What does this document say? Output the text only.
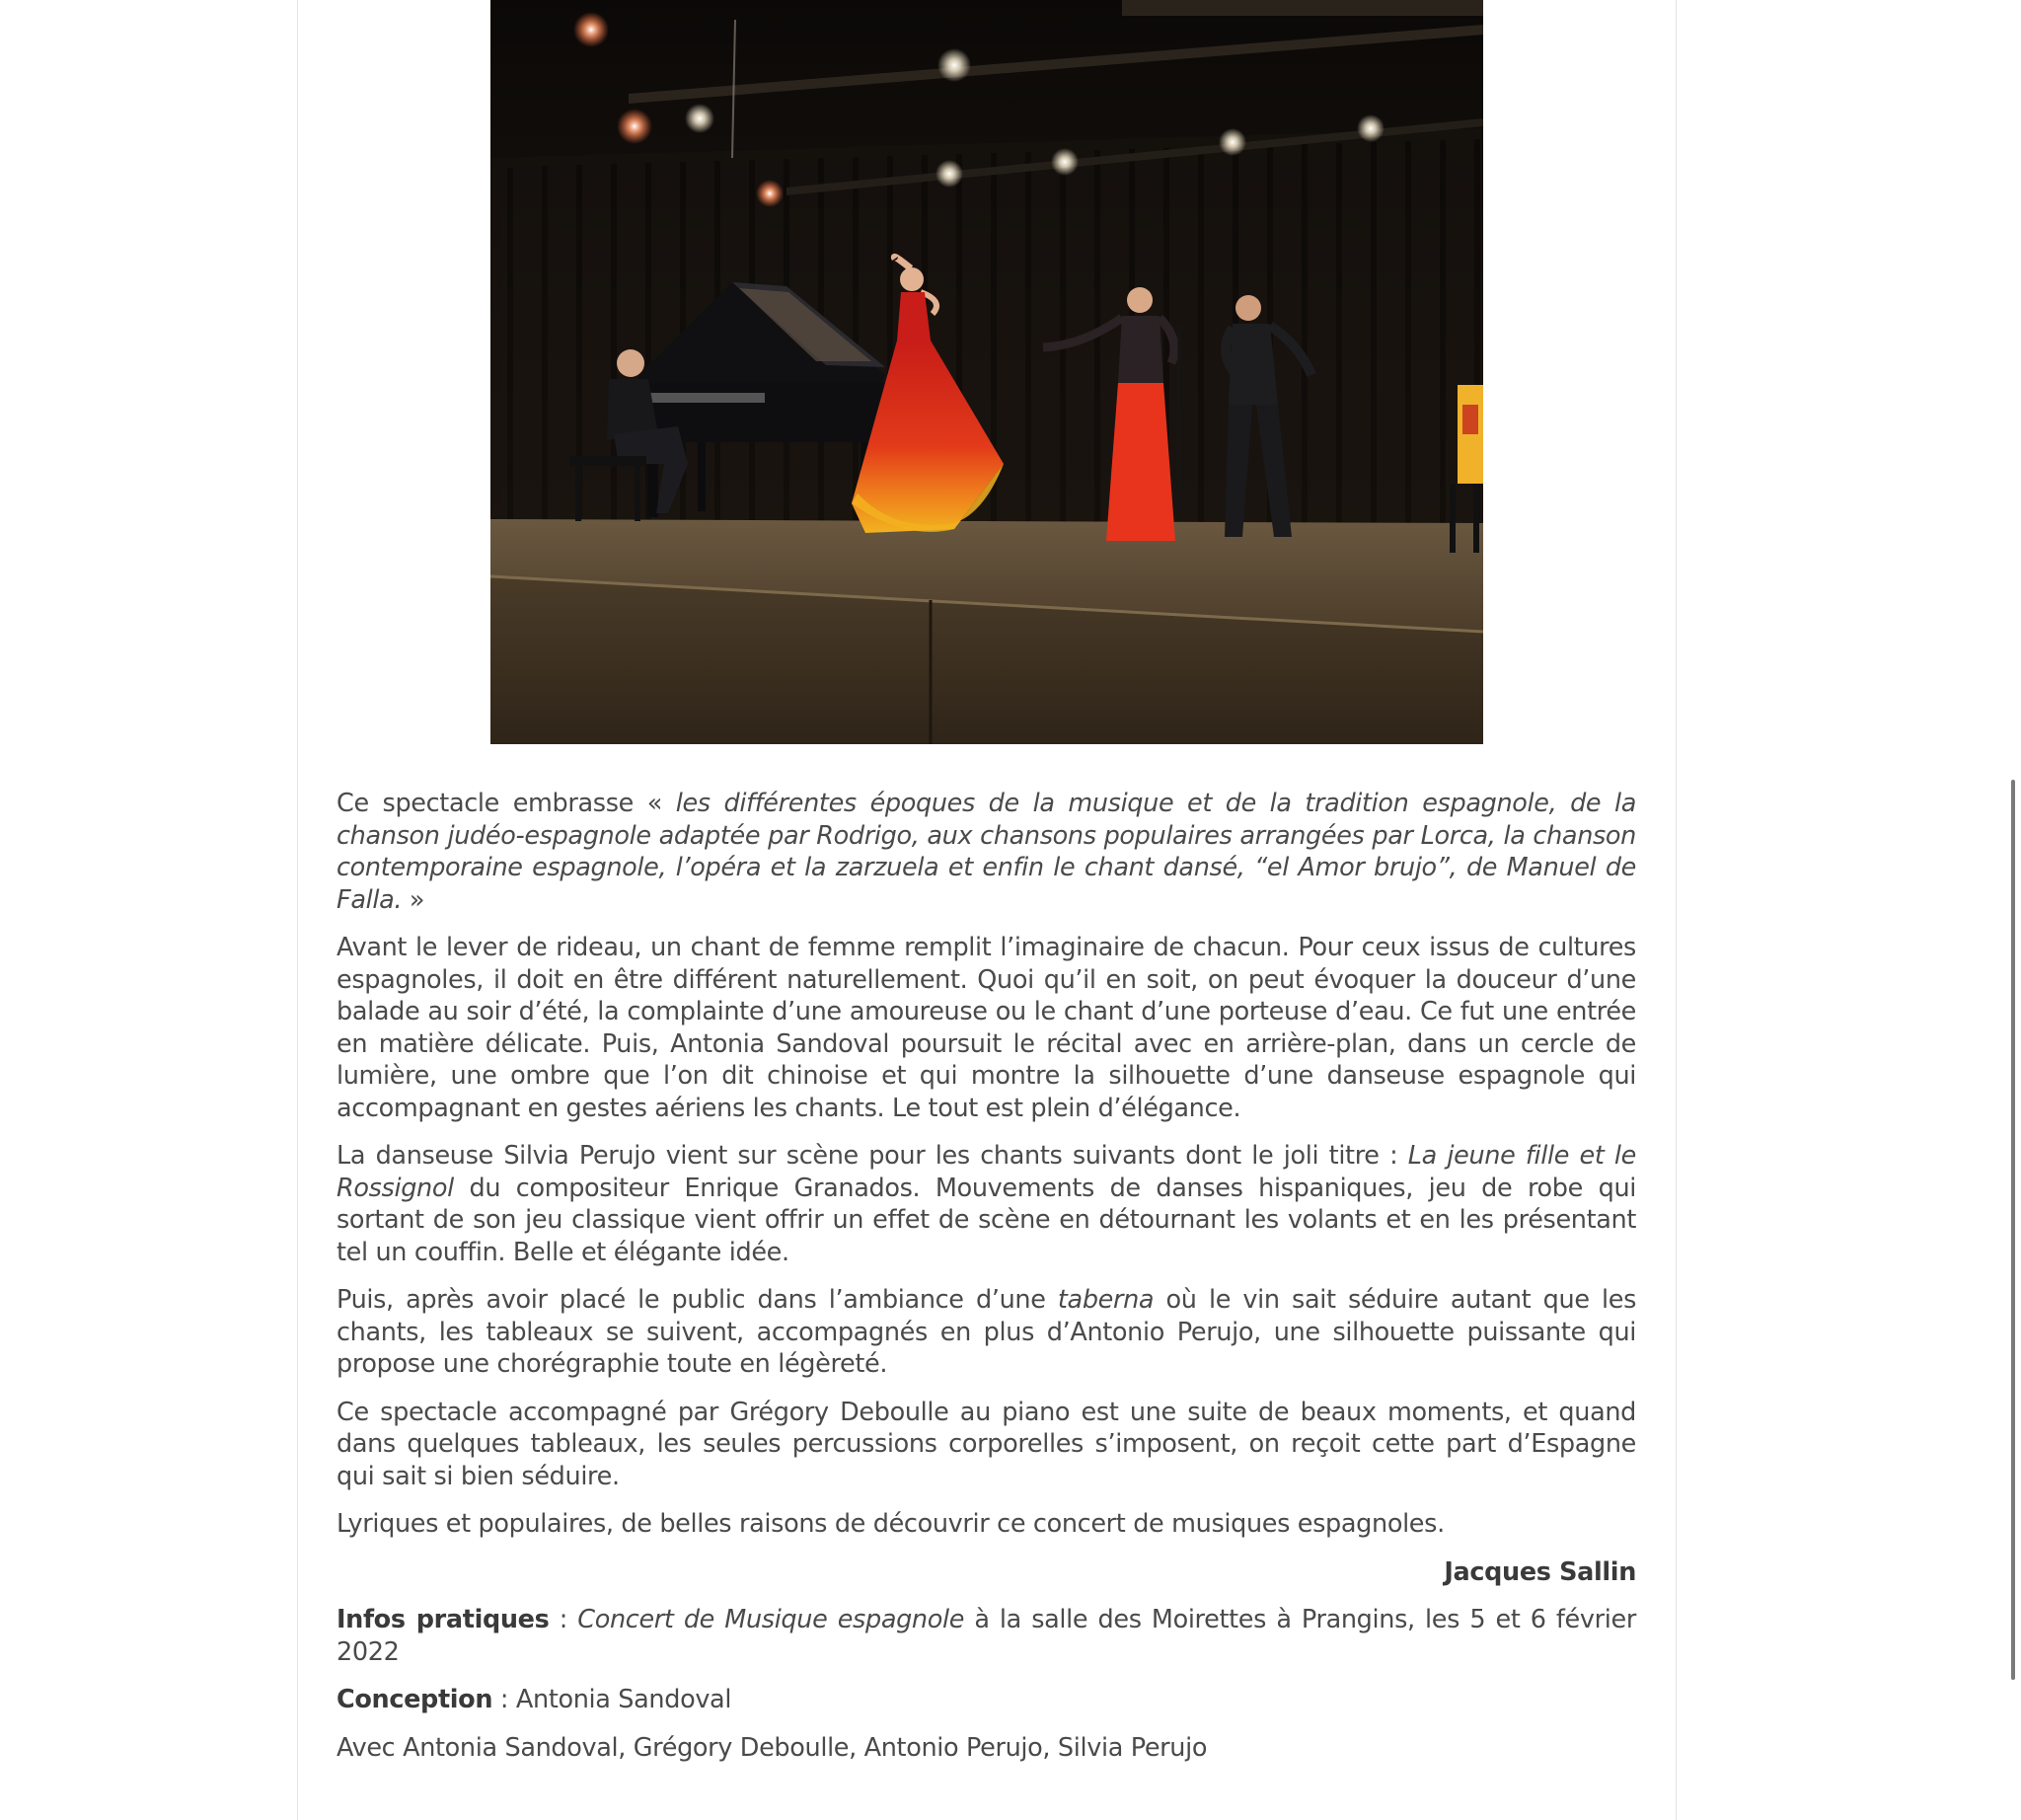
Ce spectacle embrasse « les différentes époques de la musique et de la tradition espagnole, de la chanson judéo-espagnole adaptée par Rodrigo, aux chansons populaires arrangées par Lorca, la chanson contemporaine espagnole, l’opéra et la zarzuela et enfin le chant dansé, “el Amor brujo”, de Manuel de Falla. »

Avant le lever de rideau, un chant de femme remplit l’imaginaire de chacun. Pour ceux issus de cultures espagnoles, il doit en être différent naturellement. Quoi qu’il en soit, on peut évoquer la douceur d’une balade au soir d’été, la complainte d’une amoureuse ou le chant d’une porteuse d’eau. Ce fut une entrée en matière délicate. Puis, Antonia Sandoval poursuit le récital avec en arrière-plan, dans un cercle de lumière, une ombre que l’on dit chinoise et qui montre la silhouette d’une danseuse espagnole qui accompagnant en gestes aériens les chants. Le tout est plein d’élégance.

La danseuse Silvia Perujo vient sur scène pour les chants suivants dont le joli titre : La jeune fille et le Rossignol du compositeur Enrique Granados. Mouvements de danses hispaniques, jeu de robe qui sortant de son jeu classique vient offrir un effet de scène en détournant les volants et en les présentant tel un couffin. Belle et élégante idée.

Puis, après avoir placé le public dans l’ambiance d’une taberna où le vin sait séduire autant que les chants, les tableaux se suivent, accompagnés en plus d’Antonio Perujo, une silhouette puissante qui propose une chorégraphie toute en légèreté.

Ce spectacle accompagné par Grégory Deboulle au piano est une suite de beaux moments, et quand dans quelques tableaux, les seules percussions corporelles s’imposent, on reçoit cette part d’Espagne qui sait si bien séduire.

Lyriques et populaires, de belles raisons de découvrir ce concert de musiques espagnoles.

Jacques Sallin

Infos pratiques : Concert de Musique espagnole à la salle des Moirettes à Prangins, les 5 et 6 février 2022

Conception : Antonia Sandoval

Avec Antonia Sandoval, Grégory Deboulle, Antonio Perujo, Silvia Perujo
